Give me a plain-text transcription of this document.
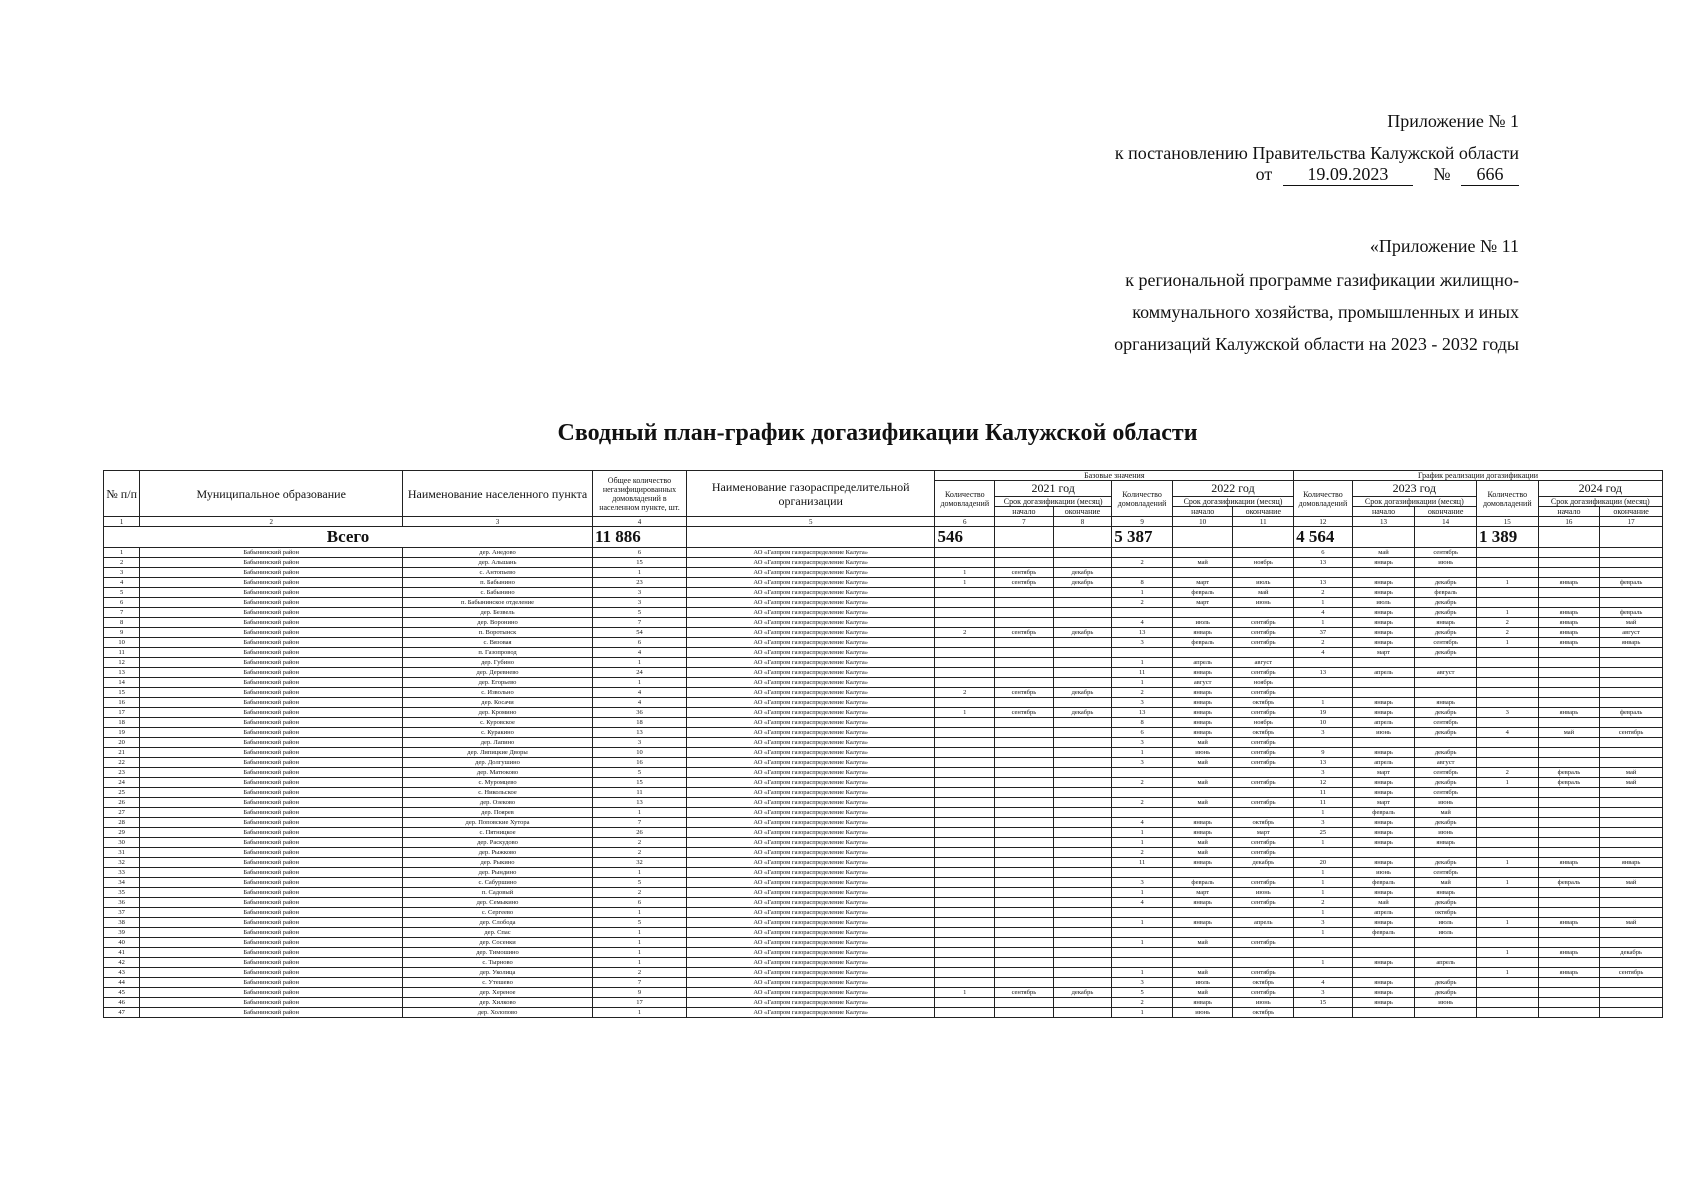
Приложение № 1
к постановлению Правительства Калужской области
от 19.09.2023	№ 666
«Приложение № 11
к региональной программе газификации жилищно-
коммунального хозяйства, промышленных и иных
организаций Калужской области на 2023 - 2032 годы
Сводный план-график догазификации Калужской области
№ п/п	Муниципальное образование	Наименование населенного пункта	Общее количество негазифицированных домовладений в населенном пункте, шт.	Наименование газораспределительной организации	Базовые значения						График реализации догазификации					
					Количество домовладений	2021 год		Количество домовладений	2022 год		Количество домовладений	2023 год		Количество домовладений	2024 год	
						Срок догазификации (месяц)			Срок догазификации (месяц)			Срок догазификации (месяц)			Срок догазификации (месяц)	
						начало	окончание		начало	окончание		начало	окончание		начало	окончание
1	2	3	4	5	6	7	8	9	10	11	12	13	14	15	16	17
Всего			11 886		546			5 387			4 564			1 389		
1	Бабынинский район	дер. Анедово	6	АО «Газпром газораспределение Калуга»							6	май	сентябрь			
2	Бабынинский район	дер. Альшань	15	АО «Газпром газораспределение Калуга»				2	май	ноябрь	13	январь	июнь			
3	Бабынинский район	с. Антопьево	1	АО «Газпром газораспределение Калуга»	1	сентябрь	декабрь									
4	Бабынинский район	п. Бабынино	23	АО «Газпром газораспределение Калуга»	1	сентябрь	декабрь	8	март	июль	13	январь	декабрь	1	январь	февраль
5	Бабынинский район	с. Бабынино	3	АО «Газпром газораспределение Калуга»				1	февраль	май	2	январь	февраль			
6	Бабынинский район	п. Бабынинское отделение	3	АО «Газпром газораспределение Калуга»				2	март	июнь	1	июль	декабрь			
7	Бабынинский район	дер. Безвель	5	АО «Газпром газораспределение Калуга»							4	январь	декабрь	1	январь	февраль
8	Бабынинский район	дер. Воронино	7	АО «Газпром газораспределение Калуга»				4	июль	сентябрь	1	январь	январь	2	январь	май
9	Бабынинский район	п. Воротынск	54	АО «Газпром газораспределение Калуга»	2	сентябрь	декабрь	13	январь	сентябрь	37	январь	декабрь	2	январь	август
10	Бабынинский район	с. Вязовая	6	АО «Газпром газораспределение Калуга»				3	февраль	сентябрь	2	январь	сентябрь	1	январь	январь
11	Бабынинский район	п. Газопровод	4	АО «Газпром газораспределение Калуга»							4	март	декабрь			
12	Бабынинский район	дер. Губино	1	АО «Газпром газораспределение Калуга»				1	апрель	август						
13	Бабынинский район	дер. Деревнево	24	АО «Газпром газораспределение Калуга»				11	январь	сентябрь	13	апрель	август			
14	Бабынинский район	дер. Егорьево	1	АО «Газпром газораспределение Калуга»				1	август	ноябрь						
15	Бабынинский район	с. Извольно	4	АО «Газпром газораспределение Калуга»	2	сентябрь	декабрь	2	январь	сентябрь						
16	Бабынинский район	дер. Косачи	4	АО «Газпром газораспределение Калуга»				3	январь	октябрь	1	январь	январь			
17	Бабынинский район	дер. Кромино	36	АО «Газпром газораспределение Калуга»	1	сентябрь	декабрь	13	январь	сентябрь	19	январь	декабрь	3	январь	февраль
18	Бабынинский район	с. Куровское	18	АО «Газпром газораспределение Калуга»				8	январь	ноябрь	10	апрель	сентябрь			
19	Бабынинский район	с. Куракино	13	АО «Газпром газораспределение Калуга»				6	январь	октябрь	3	июнь	декабрь	4	май	сентябрь
20	Бабынинский район	дер. Лапино	3	АО «Газпром газораспределение Калуга»				3	май	сентябрь						
21	Бабынинский район	дер. Липицкие Дворы	10	АО «Газпром газораспределение Калуга»				1	июнь	сентябрь	9	январь	декабрь			
22	Бабынинский район	дер. Долгушино	16	АО «Газпром газораспределение Калуга»				3	май	сентябрь	13	апрель	август			
23	Бабынинский район	дер. Матюково	5	АО «Газпром газораспределение Калуга»							3	март	сентябрь	2	февраль	май
24	Бабынинский район	с. Муромцево	15	АО «Газпром газораспределение Калуга»				2	май	сентябрь	12	январь	декабрь	1	февраль	май
25	Бабынинский район	с. Никольское	11	АО «Газпром газораспределение Калуга»							11	январь	сентябрь			
26	Бабынинский район	дер. Озеково	13	АО «Газпром газораспределение Калуга»				2	май	сентябрь	11	март	июнь			
27	Бабынинский район	дер. Поярев	1	АО «Газпром газораспределение Калуга»							1	февраль	май			
28	Бабынинский район	дер. Поповские Хутора	7	АО «Газпром газораспределение Калуга»				4	январь	октябрь	3	январь	декабрь			
29	Бабынинский район	с. Пятницкое	26	АО «Газпром газораспределение Калуга»				1	январь	март	25	январь	июнь			
30	Бабынинский район	дер. Раскудово	2	АО «Газпром газораспределение Калуга»				1	май	сентябрь	1	январь	январь			
31	Бабынинский район	дер. Рыжково	2	АО «Газпром газораспределение Калуга»				2	май	сентябрь						
32	Бабынинский район	дер. Рыкино	32	АО «Газпром газораспределение Калуга»				11	январь	декабрь	20	январь	декабрь	1	январь	январь
33	Бабынинский район	дер. Рындино	1	АО «Газпром газораспределение Калуга»							1	июнь	сентябрь			
34	Бабынинский район	с. Сабуршино	5	АО «Газпром газораспределение Калуга»				3	февраль	сентябрь	1	февраль	май	1	февраль	май
35	Бабынинский район	п. Садовый	2	АО «Газпром газораспределение Калуга»				1	март	июнь	1	январь	январь			
36	Бабынинский район	дер. Семыкино	6	АО «Газпром газораспределение Калуга»				4	январь	сентябрь	2	май	декабрь			
37	Бабынинский район	с. Сергеево	1	АО «Газпром газораспределение Калуга»							1	апрель	октябрь			
38	Бабынинский район	дер. Слобода	5	АО «Газпром газораспределение Калуга»				1	январь	апрель	3	январь	июль	1	январь	май
39	Бабынинский район	дер. Спас	1	АО «Газпром газораспределение Калуга»							1	февраль	июль			
40	Бабынинский район	дер. Сосенки	1	АО «Газпром газораспределение Калуга»				1	май	сентябрь						
41	Бабынинский район	дер. Тимошино	1	АО «Газпром газораспределение Калуга»										1	январь	декабрь
42	Бабынинский район	с. Тырново	1	АО «Газпром газораспределение Калуга»							1	январь	апрель			
43	Бабынинский район	дер. Уколица	2	АО «Газпром газораспределение Калуга»				1	май	сентябрь				1	январь	сентябрь
44	Бабынинский район	с. Утешево	7	АО «Газпром газораспределение Калуга»				3	июль	октябрь	4	январь	декабрь			
45	Бабынинский район	дер. Хереное	9	АО «Газпром газораспределение Калуга»	1	сентябрь	декабрь	5	май	сентябрь	3	январь	декабрь			
46	Бабынинский район	дер. Хилково	17	АО «Газпром газораспределение Калуга»				2	январь	июнь	15	январь	июнь			
47	Бабынинский район	дер. Холопово	1	АО «Газпром газораспределение Калуга»				1	июнь	октябрь						
